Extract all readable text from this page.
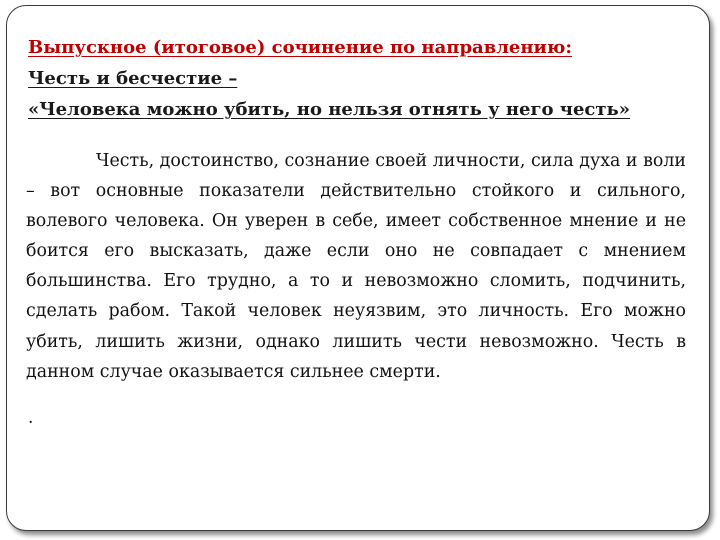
Выпускное (итоговое) сочинение по направлению:
Честь и бесчестие –
«Человека можно убить, но нельзя отнять у него честь»

Честь, достоинство, сознание своей личности, сила духа и воли – вот основные показатели действительно стойкого и сильного, волевого человека. Он уверен в себе, имеет собственное мнение и не боится его высказать, даже если оно не совпадает с мнением большинства. Его трудно, а то и невозможно сломить, подчинить, сделать рабом. Такой человек неуязвим, это личность. Его можно убить, лишить жизни, однако лишить чести невозможно. Честь в данном случае оказывается сильнее смерти.

.
